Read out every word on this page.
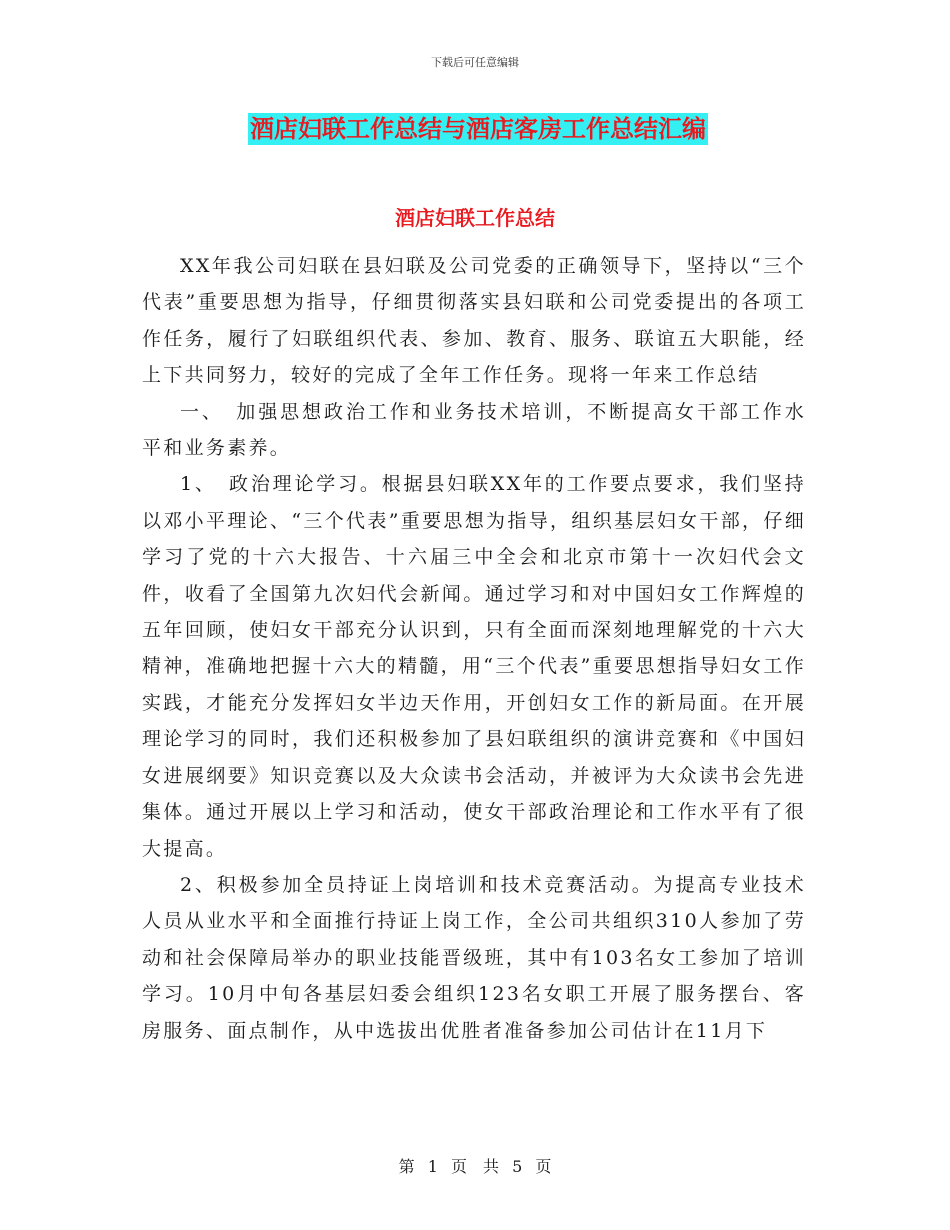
下载后可任意编辑
酒店妇联工作总结与酒店客房工作总结汇编
酒店妇联工作总结

XX年我公司妇联在县妇联及公司党委的正确领导下，坚持以“三个代表”重要思想为指导，仔细贯彻落实县妇联和公司党委提出的各项工作任务，履行了妇联组织代表、参加、教育、服务、联谊五大职能，经上下共同努力，较好的完成了全年工作任务。现将一年来工作总结

一、　加强思想政治工作和业务技术培训，不断提高女干部工作水平和业务素养。

1、　政治理论学习。根据县妇联XX年的工作要点要求，我们坚持以邓小平理论、“三个代表”重要思想为指导，组织基层妇女干部，仔细学习了党的十六大报告、十六届三中全会和北京市第十一次妇代会文件，收看了全国第九次妇代会新闻。通过学习和对中国妇女工作辉煌的五年回顾，使妇女干部充分认识到，只有全面而深刻地理解党的十六大精神，准确地把握十六大的精髓，用“三个代表”重要思想指导妇女工作实践，才能充分发挥妇女半边天作用，开创妇女工作的新局面。在开展理论学习的同时，我们还积极参加了县妇联组织的演讲竞赛和《中国妇女进展纲要》知识竞赛以及大众读书会活动，并被评为大众读书会先进集体。通过开展以上学习和活动，使女干部政治理论和工作水平有了很大提高。

2、积极参加全员持证上岗培训和技术竞赛活动。为提高专业技术人员从业水平和全面推行持证上岗工作，全公司共组织310人参加了劳动和社会保障局举办的职业技能晋级班，其中有103名女工参加了培训学习。10月中旬各基层妇委会组织123名女职工开展了服务摆台、客房服务、面点制作，从中选拔出优胜者准备参加公司估计在11月下

第 1 页　共 5 页
